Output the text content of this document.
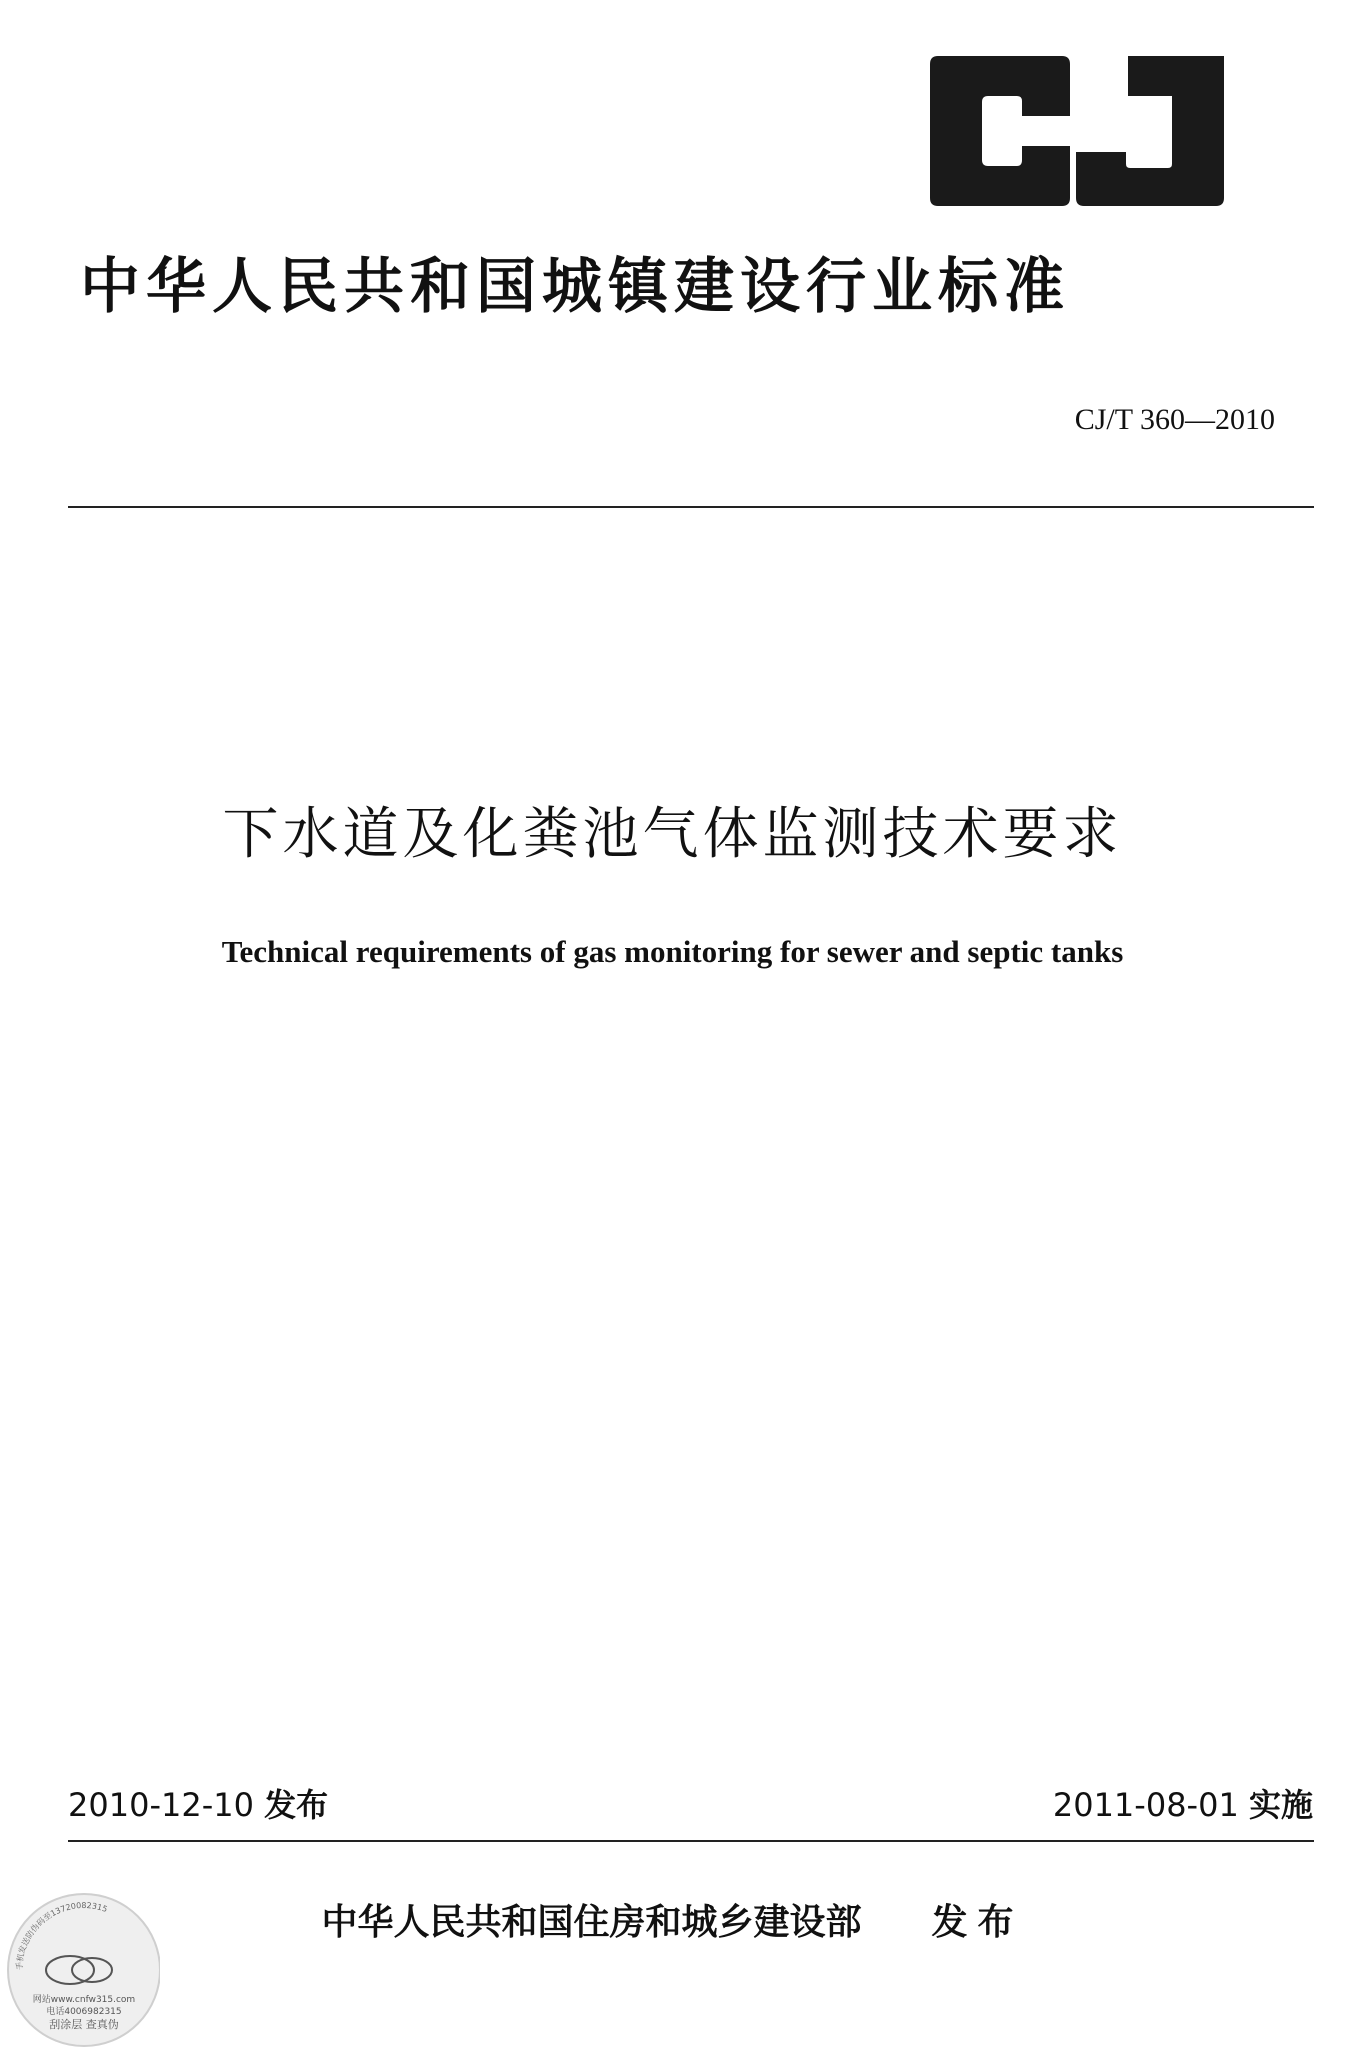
中华人民共和国城镇建设行业标准
CJ/T 360—2010
下水道及化粪池气体监测技术要求
Technical requirements of gas monitoring for sewer and septic tanks
2010-12-10 发布	2011-08-01 实施
中华人民共和国住房和城乡建设部 发布
手机发送防伪码至13720082315
网站www.cnfw315.com
电话4006982315
刮涂层 查真伪
